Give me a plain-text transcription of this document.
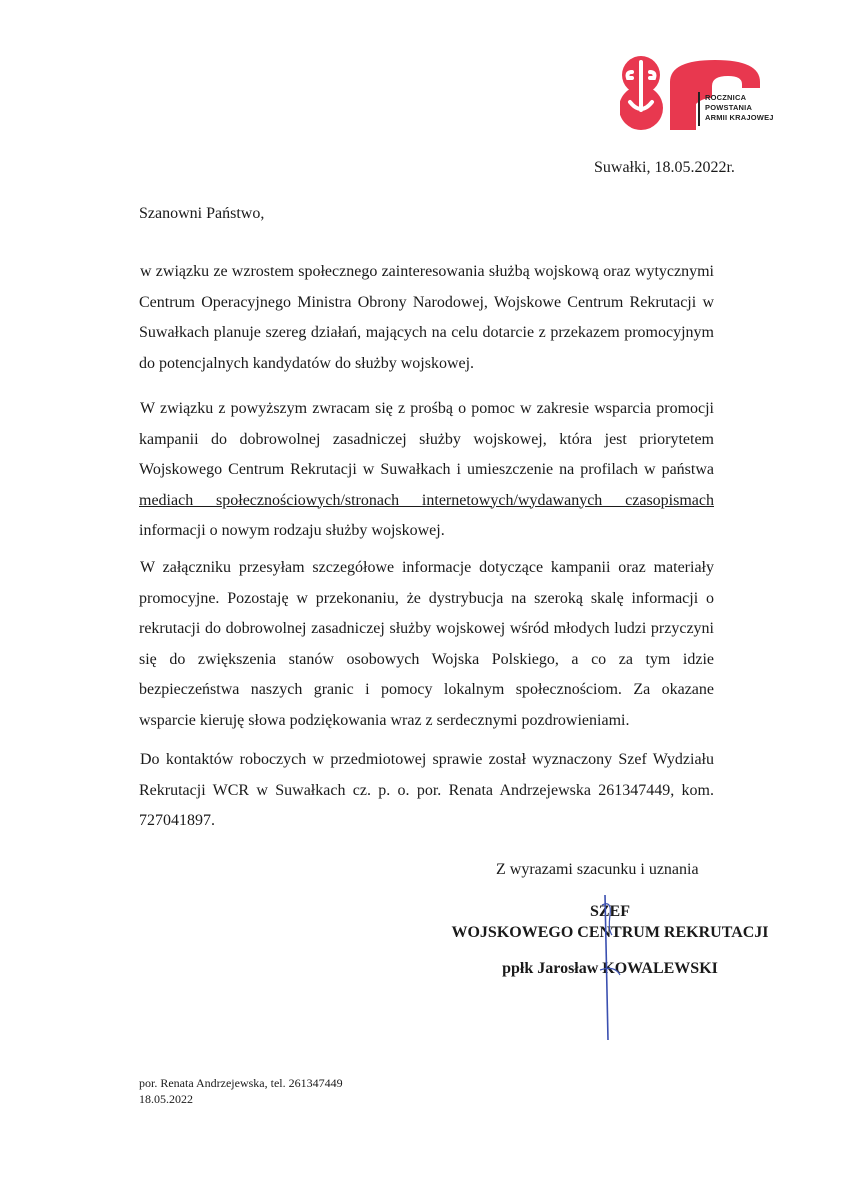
ROCZNICA
POWSTANIA
ARMII KRAJOWEJ
Suwałki, 18.05.2022r.
Szanowni Państwo,

w związku ze wzrostem społecznego zainteresowania służbą wojskową oraz wytycznymi Centrum Operacyjnego Ministra Obrony Narodowej, Wojskowe Centrum Rekrutacji w Suwałkach planuje szereg działań, mających na celu dotarcie z przekazem promocyjnym do potencjalnych kandydatów do służby wojskowej.

W związku z powyższym zwracam się z prośbą o pomoc w zakresie wsparcia promocji kampanii do dobrowolnej zasadniczej służby wojskowej, która jest priorytetem Wojskowego Centrum Rekrutacji w Suwałkach i umieszczenie na profilach w państwa mediach społecznościowych/stronach internetowych/wydawanych czasopismach informacji o nowym rodzaju służby wojskowej.

W załączniku przesyłam szczegółowe informacje dotyczące kampanii oraz materiały promocyjne. Pozostaję w przekonaniu, że dystrybucja na szeroką skalę informacji o rekrutacji do dobrowolnej zasadniczej służby wojskowej wśród młodych ludzi przyczyni się do zwiększenia stanów osobowych Wojska Polskiego, a co za tym idzie bezpieczeństwa naszych granic i pomocy lokalnym społecznościom. Za okazane wsparcie kieruję słowa podziękowania wraz z serdecznymi pozdrowieniami.

Do kontaktów roboczych w przedmiotowej sprawie został wyznaczony Szef Wydziału Rekrutacji WCR w Suwałkach cz. p. o. por. Renata Andrzejewska 261347449, kom. 727041897.

Z wyrazami szacunku i uznania
SZEF
WOJSKOWEGO CENTRUM REKRUTACJI
ppłk Jarosław KOWALEWSKI
por. Renata Andrzejewska, tel. 261347449
18.05.2022
